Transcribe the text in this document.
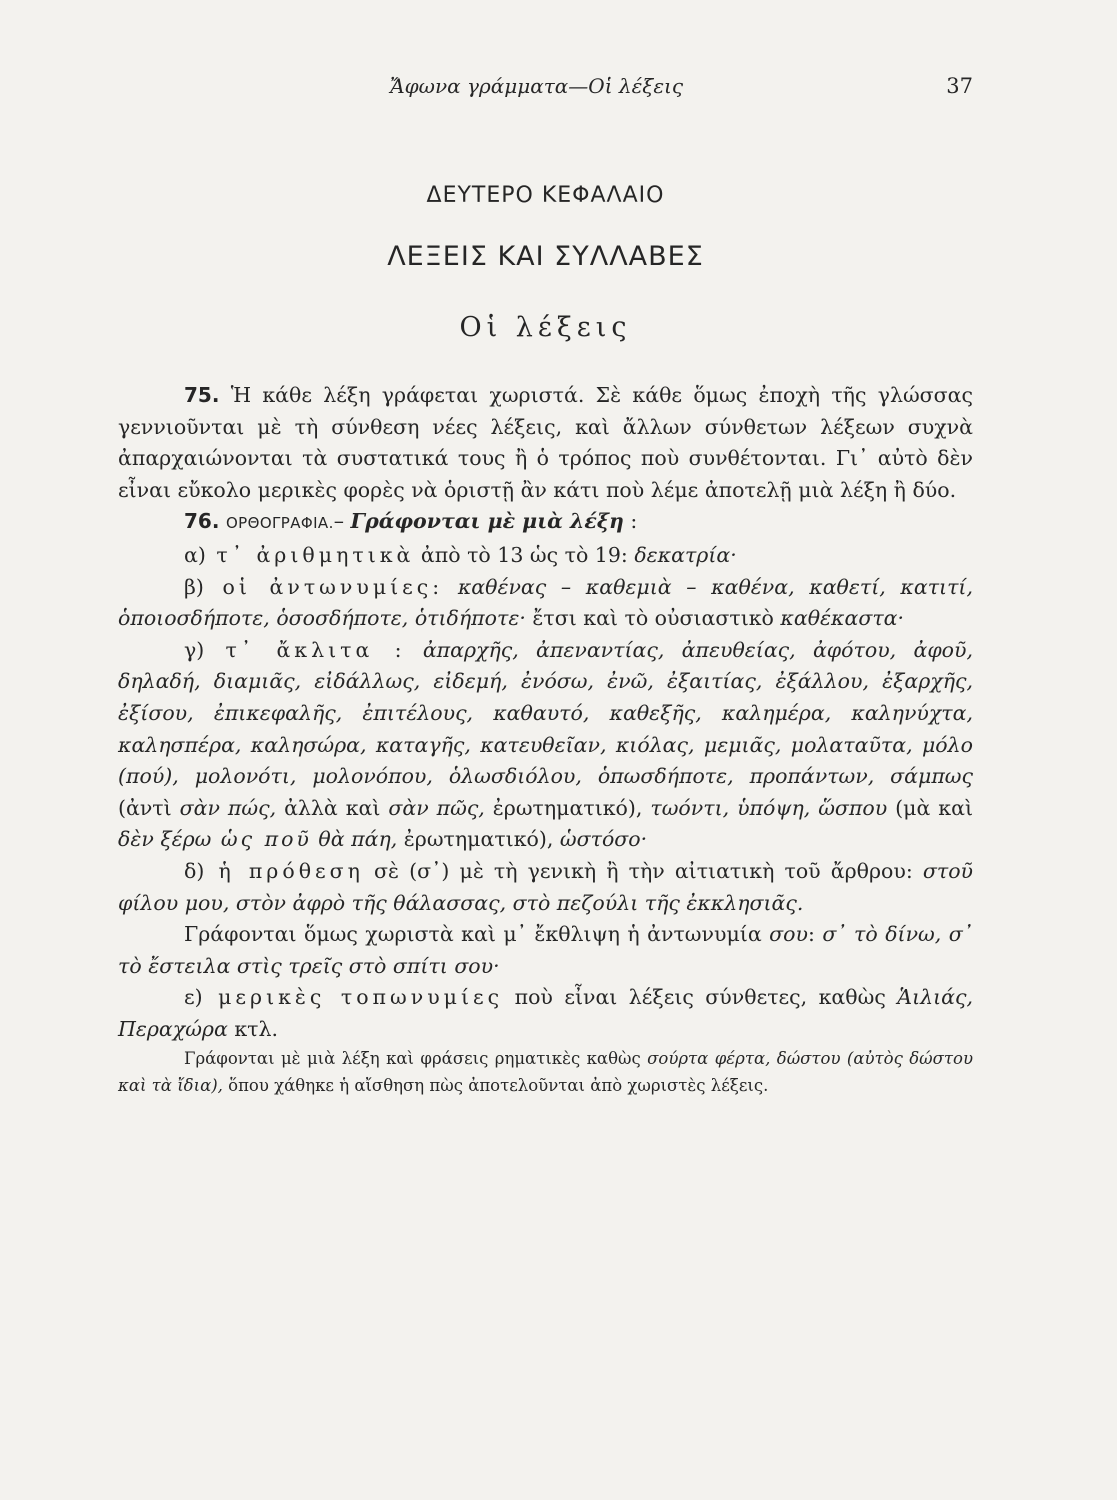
Ἄφωνα γράμματα—Οἱ λέξεις	37
ΔΕΥΤΕΡΟ ΚΕΦΑΛΑΙΟ
ΛΕΞΕΙΣ ΚΑΙ ΣΥΛΛΑΒΕΣ
Οἱ λέξεις

75. Ἡ κάθε λέξη γράφεται χωριστά. Σὲ κάθε ὅμως ἐποχὴ τῆς γλώσσας γεννιοῦνται μὲ τὴ σύνθεση νέες λέξεις, καὶ ἄλλων σύνθετων λέξεων συχνὰ ἀπαρχαιώνονται τὰ συστατικά τους ἢ ὁ τρόπος ποὺ συνθέτονται. Γι᾿ αὐτὸ δὲν εἶναι εὔκολο μερικὲς φορὲς νὰ ὁριστῇ ἂν κάτι ποὺ λέμε ἀποτελῇ μιὰ λέξη ἢ δύο.

76. ΟΡΘΟΓΡΑΦΙΑ.– Γράφονται μὲ μιὰ λέξη :

α) τ᾿ ἀριθμητικὰ ἀπὸ τὸ 13 ὡς τὸ 19: δεκατρία·

β) οἱ ἀντωνυμίες: καθένας – καθεμιὰ – καθένα, καθετί, κατιτί, ὁποιοσδήποτε, ὁσοσδήποτε, ὁτιδήποτε· ἔτσι καὶ τὸ οὐσιαστικὸ καθέκαστα·

γ) τ᾿ ἄκλιτα : ἀπαρχῆς, ἀπεναντίας, ἀπευθείας, ἀφότου, ἀφοῦ, δηλαδή, διαμιᾶς, εἰδάλλως, εἰδεμή, ἐνόσω, ἐνῶ, ἐξαιτίας, ἐξάλλου, ἐξαρχῆς, ἐξίσου, ἐπικεφαλῆς, ἐπιτέλους, καθαυτό, καθεξῆς, καλημέρα, καληνύχτα, καλησπέρα, καλησώρα, καταγῆς, κατευθεῖαν, κιόλας, μεμιᾶς, μολαταῦτα, μόλο (πού), μολονότι, μολονόπου, ὁλωσδιόλου, ὁπωσδήποτε, προπάντων, σάμπως (ἀντὶ σὰν πώς, ἀλλὰ καὶ σὰν πῶς, ἐρωτηματικό), τωόντι, ὑπόψη, ὥσπου (μὰ καὶ δὲν ξέρω ὡς ποῦ θὰ πάη, ἐρωτηματικό), ὡστόσο·

δ) ἡ πρόθεση σὲ (σ᾿) μὲ τὴ γενικὴ ἢ τὴν αἰτιατικὴ τοῦ ἄρθρου: στοῦ φίλου μου, στὸν ἀφρὸ τῆς θάλασσας, στὸ πεζούλι τῆς ἐκκλησιᾶς.

Γράφονται ὅμως χωριστὰ καὶ μ᾿ ἔκθλιψη ἡ ἀντωνυμία σου: σ᾿ τὸ δίνω, σ᾿ τὸ ἔστειλα στὶς τρεῖς στὸ σπίτι σου·

ε) μερικὲς τοπωνυμίες ποὺ εἶναι λέξεις σύνθετες, καθὼς Ἁιλιάς, Περαχώρα κτλ.

Γράφονται μὲ μιὰ λέξη καὶ φράσεις ρηματικὲς καθὼς σούρτα φέρτα, δώστου (αὐτὸς δώστου καὶ τὰ ἴδια), ὅπου χάθηκε ἡ αἴσθηση πὼς ἀποτελοῦνται ἀπὸ χωριστὲς λέξεις.
